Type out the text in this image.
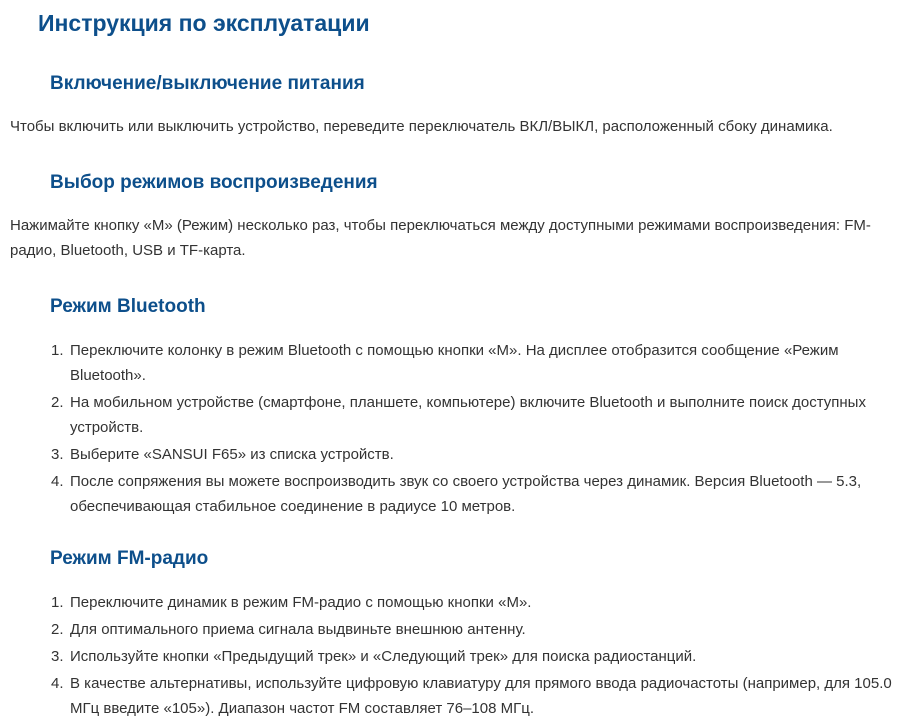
Инструкция по эксплуатации
Включение/выключение питания

Чтобы включить или выключить устройство, переведите переключатель ВКЛ/ВЫКЛ, расположенный сбоку динамика.

Выбор режимов воспроизведения

Нажимайте кнопку «М» (Режим) несколько раз, чтобы переключаться между доступными режимами воспроизведения: FM-радио, Bluetooth, USB и TF-карта.

Режим Bluetooth
1. Переключите колонку в режим Bluetooth с помощью кнопки «М». На дисплее отобразится сообщение «Режим Bluetooth».
2. На мобильном устройстве (смартфоне, планшете, компьютере) включите Bluetooth и выполните поиск доступных устройств.
3. Выберите «SANSUI F65» из списка устройств.
4. После сопряжения вы можете воспроизводить звук со своего устройства через динамик. Версия Bluetooth — 5.3, обеспечивающая стабильное соединение в радиусе 10 метров.
Режим FM-радио
1. Переключите динамик в режим FM-радио с помощью кнопки «М».
2. Для оптимального приема сигнала выдвиньте внешнюю антенну.
3. Используйте кнопки «Предыдущий трек» и «Следующий трек» для поиска радиостанций.
4. В качестве альтернативы, используйте цифровую клавиатуру для прямого ввода радиочастоты (например, для 105.0 МГц введите «105»). Диапазон частот FM составляет 76–108 МГц.
